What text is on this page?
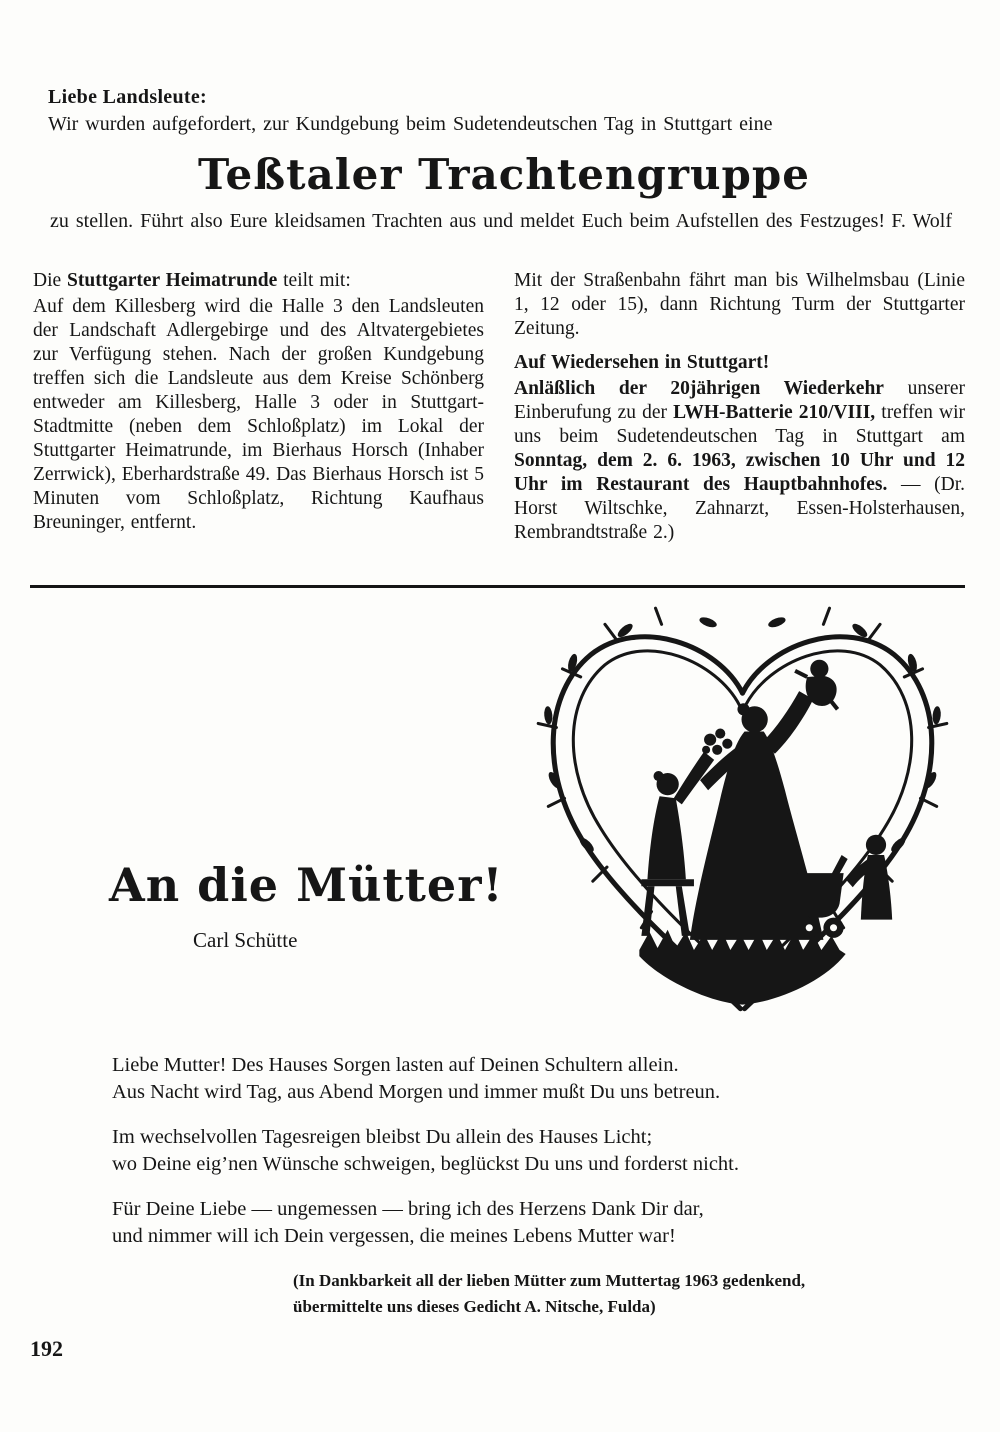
Liebe Landsleute:

Wir wurden aufgefordert, zur Kundgebung beim Sudetendeutschen Tag in Stuttgart eine

Teßtaler Trachtengruppe

zu stellen. Führt also Eure kleidsamen Trachten aus und meldet Euch beim Aufstellen des Festzuges! F. Wolf

Die Stuttgarter Heimatrunde teilt mit:

Auf dem Killesberg wird die Halle 3 den Landsleuten der Landschaft Adlergebirge und des Altvatergebietes zur Verfügung stehen. Nach der großen Kundgebung treffen sich die Landsleute aus dem Kreise Schönberg entweder am Killesberg, Halle 3 oder in Stuttgart-Stadtmitte (neben dem Schloßplatz) im Lokal der Stuttgarter Heimatrunde, im Bierhaus Horsch (Inhaber Zerrwick), Eberhardstraße 49. Das Bierhaus Horsch ist 5 Minuten vom Schloßplatz, Richtung Kaufhaus Breuninger, entfernt.

Mit der Straßenbahn fährt man bis Wilhelmsbau (Linie 1, 12 oder 15), dann Richtung Turm der Stuttgarter Zeitung.

Auf Wiedersehen in Stuttgart!

Anläßlich der 20jährigen Wiederkehr unserer Einberufung zu der LWH-Batterie 210/VIII, treffen wir uns beim Sudetendeutschen Tag in Stuttgart am Sonntag, dem 2. 6. 1963, zwischen 10 Uhr und 12 Uhr im Restaurant des Hauptbahnhofes. — (Dr. Horst Wiltschke, Zahnarzt, Essen-Holsterhausen, Rembrandtstraße 2.)

An die Mütter!

Carl Schütte

Liebe Mutter! Des Hauses Sorgen lasten auf Deinen Schultern allein.
Aus Nacht wird Tag, aus Abend Morgen und immer mußt Du uns betreun.
Im wechselvollen Tagesreigen bleibst Du allein des Hauses Licht;
wo Deine eig’nen Wünsche schweigen, beglückst Du uns und forderst nicht.
Für Deine Liebe — ungemessen — bring ich des Herzens Dank Dir dar,
und nimmer will ich Dein vergessen, die meines Lebens Mutter war!
(In Dankbarkeit all der lieben Mütter zum Muttertag 1963 gedenkend,
übermittelte uns dieses Gedicht A. Nitsche, Fulda)
192
